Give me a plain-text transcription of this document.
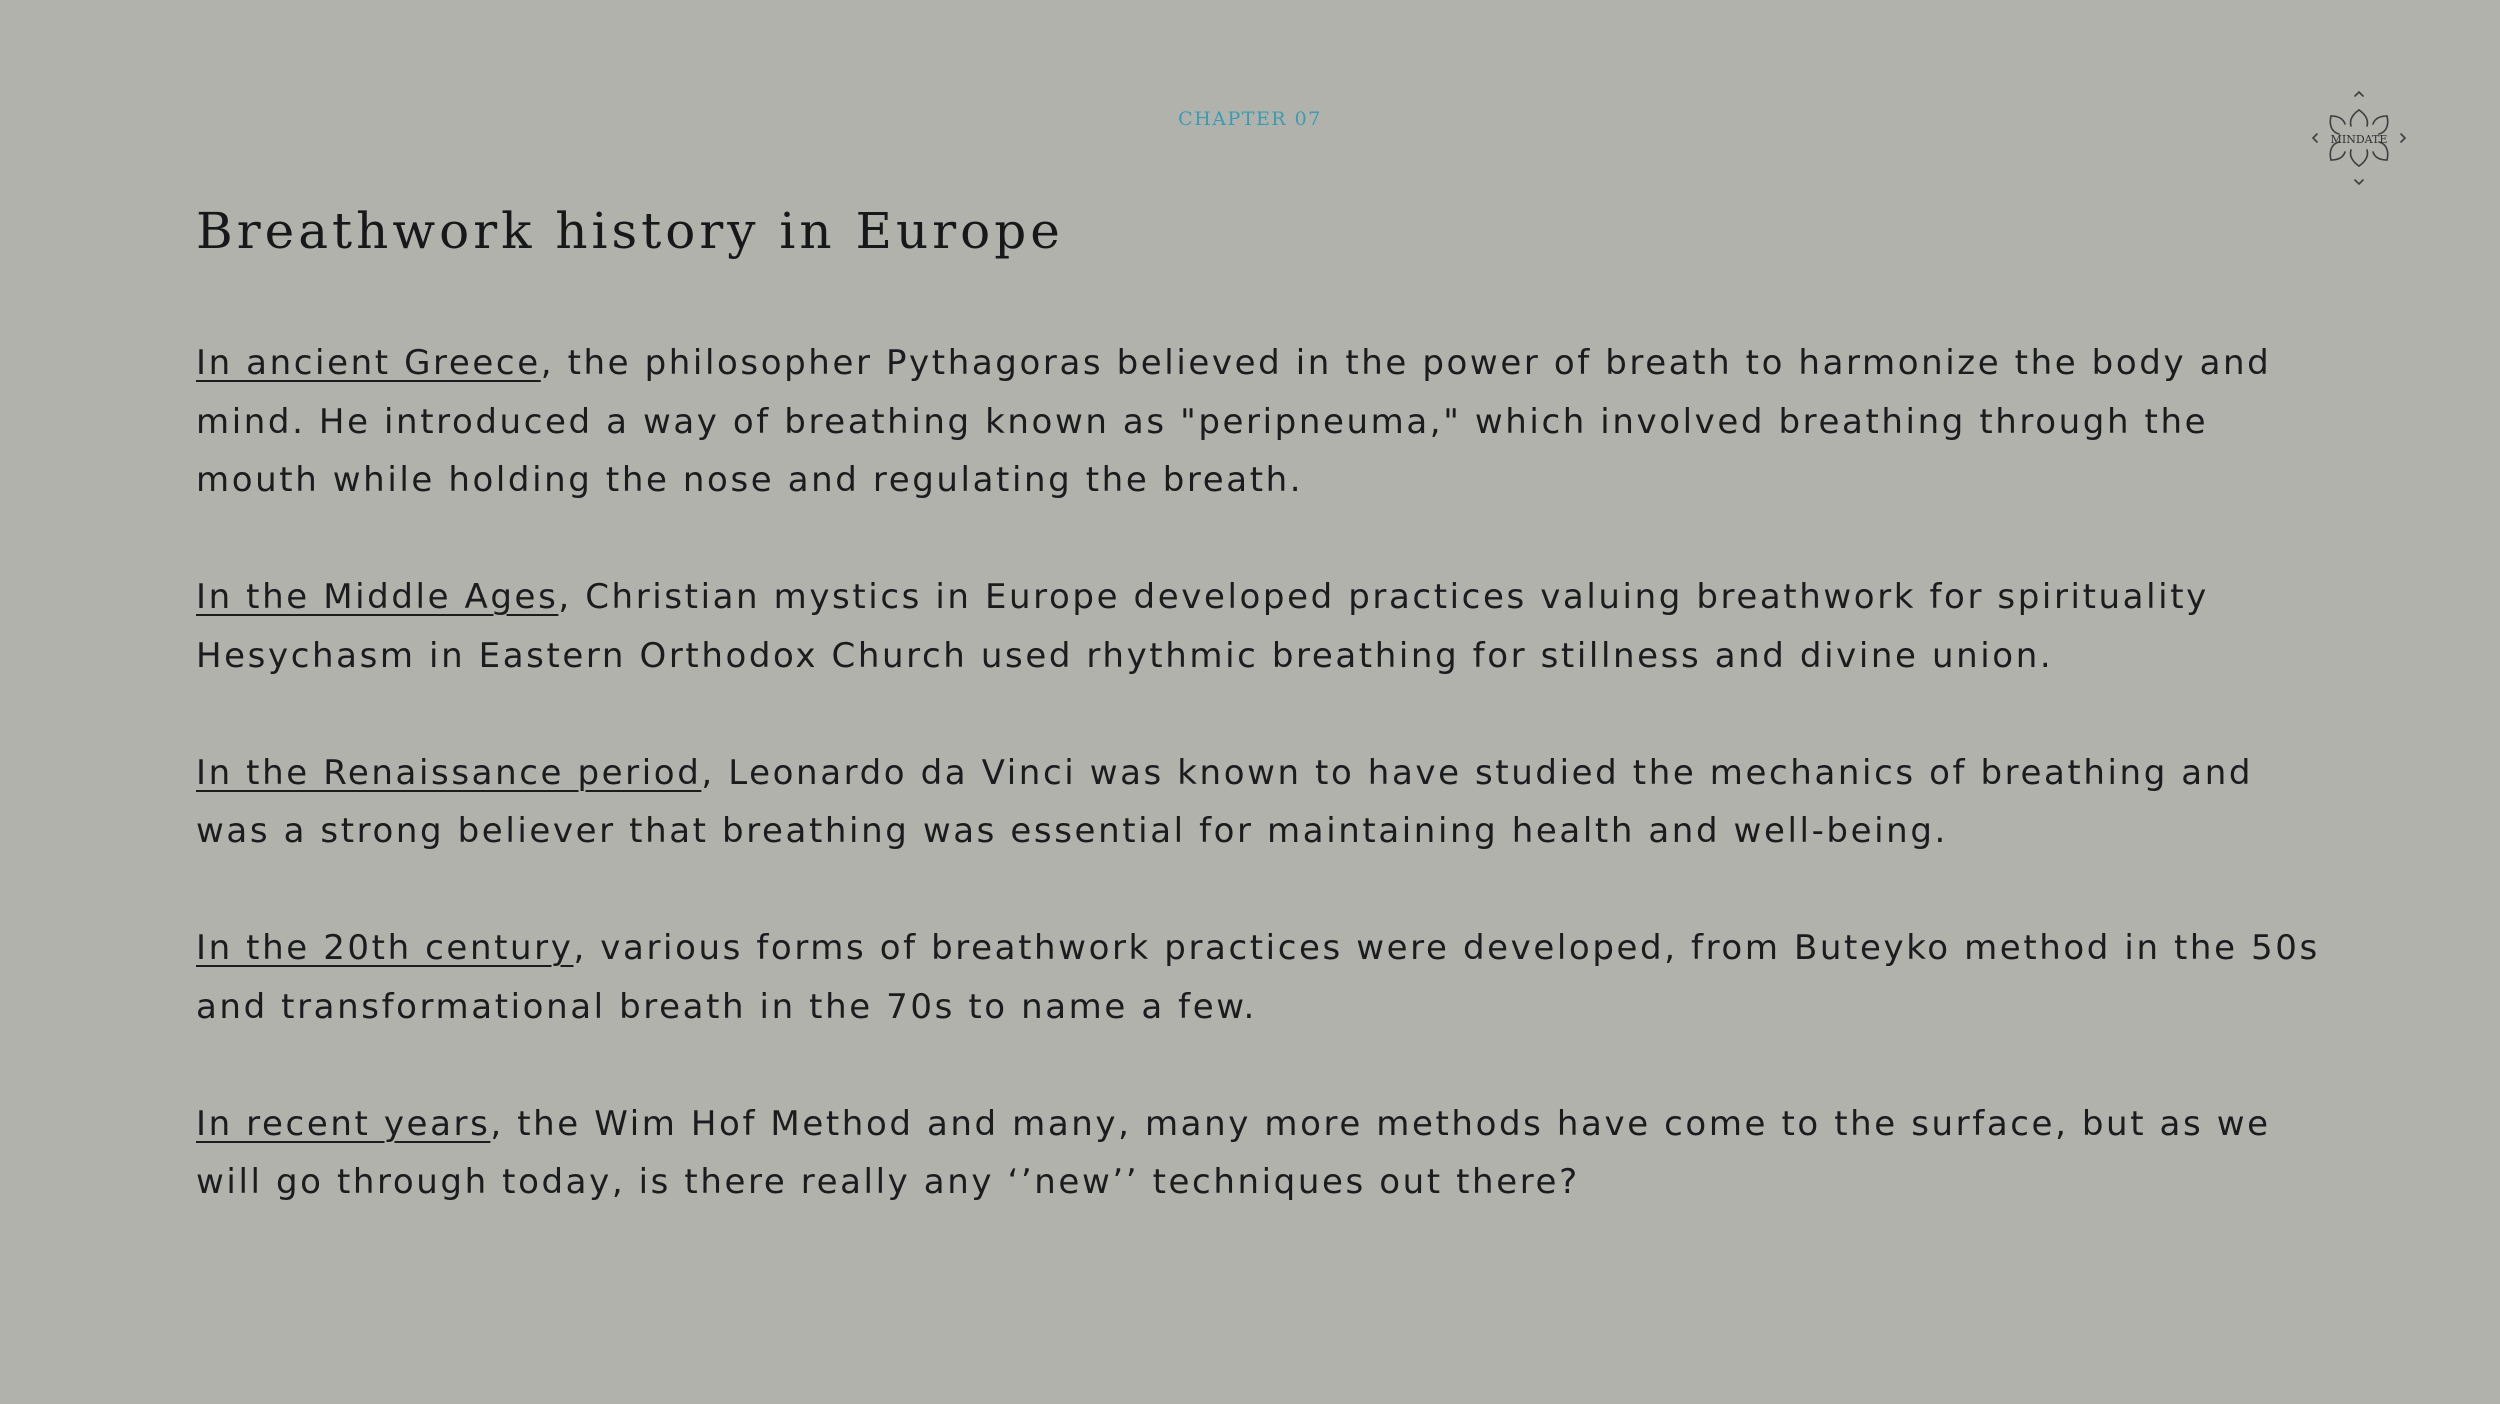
CHAPTER 07
MINDATE
Breathwork history in Europe

In ancient Greece, the philosopher Pythagoras believed in the power of breath to harmonize the body and mind. He introduced a way of breathing known as "peripneuma," which involved breathing through the mouth while holding the nose and regulating the breath.

In the Middle Ages, Christian mystics in Europe developed practices valuing breathwork for spirituality Hesychasm in Eastern Orthodox Church used rhythmic breathing for stillness and divine union.

In the Renaissance period, Leonardo da Vinci was known to have studied the mechanics of breathing and was a strong believer that breathing was essential for maintaining health and well-being.

In the 20th century, various forms of breathwork practices were developed, from Buteyko method in the 50s and transformational breath in the 70s to name a few.

In recent years, the Wim Hof Method and many, many more methods have come to the surface, but as we will go through today, is there really any ‘’new’’ techniques out there?
